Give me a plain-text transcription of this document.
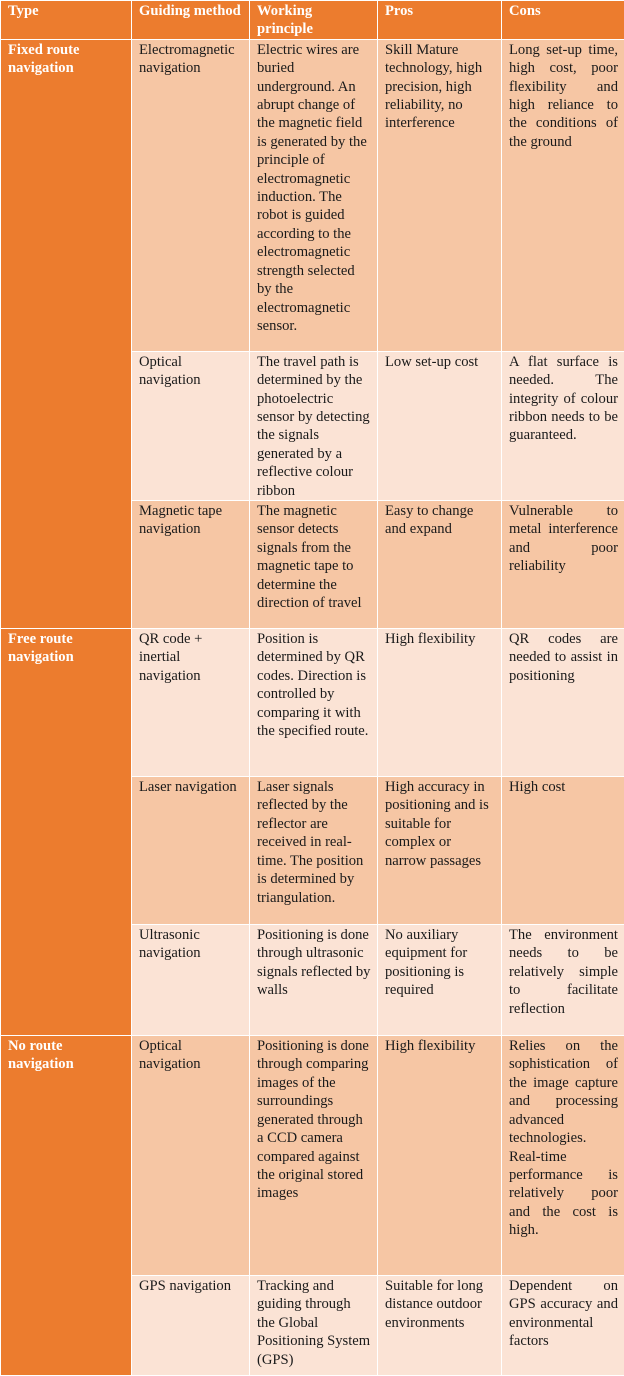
Type	Guiding method	Working principle	Pros	Cons
Fixed route navigation	Electromagnetic navigation	Electric wires are buried underground. An abrupt change of the magnetic field is generated by the principle of electromagnetic induction. The robot is guided according to the electromagnetic strength selected by the electromagnetic sensor.	Skill Mature technology, high precision, high reliability, no interference	Long set-up time, high cost, poor flexibility and high reliance to the conditions of the ground
	Optical navigation	The travel path is determined by the photoelectric sensor by detecting the signals generated by a reflective colour ribbon	Low set-up cost	A flat surface is needed. The integrity of colour ribbon needs to be guaranteed.
	Magnetic tape navigation	The magnetic sensor detects signals from the magnetic tape to determine the direction of travel	Easy to change and expand	Vulnerable to metal interference and poor reliability
Free route navigation	QR code + inertial navigation	Position is determined by QR codes. Direction is controlled by comparing it with the specified route.	High flexibility	QR codes are needed to assist in positioning
	Laser navigation	Laser signals reflected by the reflector are received in real-time. The position is determined by triangulation.	High accuracy in positioning and is suitable for complex or narrow passages	High cost
	Ultrasonic navigation	Positioning is done through ultrasonic signals reflected by walls	No auxiliary equipment for positioning is required	The environment needs to be relatively simple to facilitate reflection
No route navigation	Optical navigation	Positioning is done through comparing images of the surroundings generated through a CCD camera compared against the original stored images	High flexibility	Relies on the sophistication of the image capture and processing advanced technologies. Real-time performance is relatively poor and the cost is high.
	GPS navigation	Tracking and guiding through the Global Positioning System (GPS)	Suitable for long distance outdoor environments	Dependent on GPS accuracy and environmental factors
